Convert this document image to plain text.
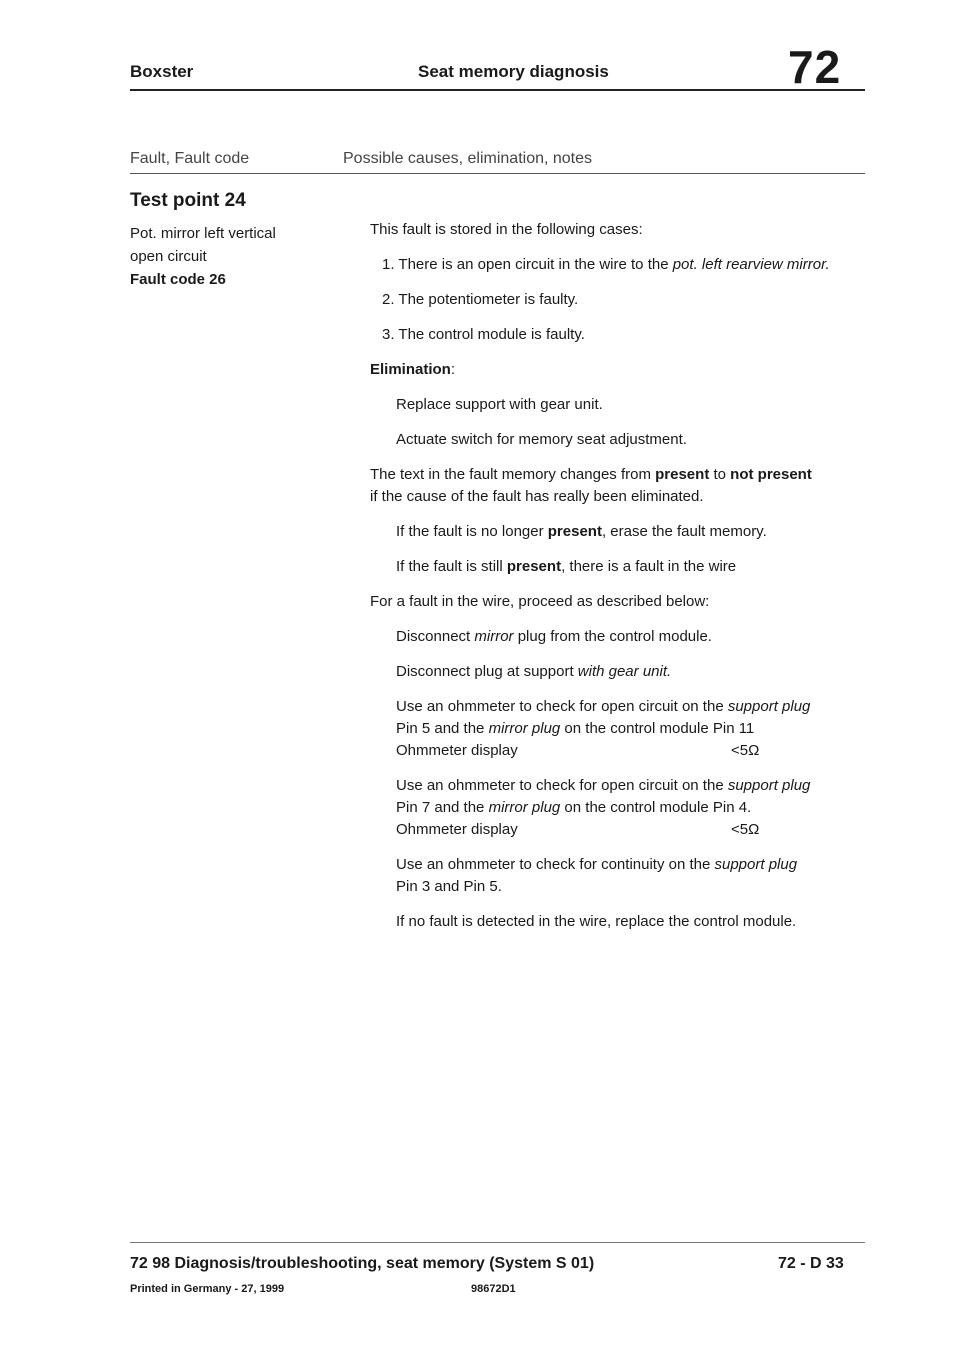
Boxster	Seat memory diagnosis	72
Fault, Fault code	Possible causes, elimination, notes
Test point 24
Pot. mirror left vertical
open circuit
Fault code 26

This fault is stored in the following cases:

1. There is an open circuit in the wire to the pot. left rearview mirror.

2. The potentiometer is faulty.

3. The control module is faulty.

Elimination:

Replace support with gear unit.

Actuate switch for memory seat adjustment.

The text in the fault memory changes from present to not present

if the cause of the fault has really been eliminated.

If the fault is no longer present, erase the fault memory.

If the fault is still present, there is a fault in the wire

For a fault in the wire, proceed as described below:

Disconnect mirror plug from the control module.

Disconnect plug at support with gear unit.

Use an ohmmeter to check for open circuit on the support plug

Pin 5 and the mirror plug on the control module Pin 11

Ohmmeter display	<5Ω

Use an ohmmeter to check for open circuit on the support plug

Pin 7 and the mirror plug on the control module Pin 4.

Ohmmeter display	<5Ω

Use an ohmmeter to check for continuity on the support plug

Pin 3 and Pin 5.

If no fault is detected in the wire, replace the control module.

72 98 Diagnosis/troubleshooting, seat memory (System S 01)	72 - D 33
Printed in Germany - 27, 1999	98672D1
